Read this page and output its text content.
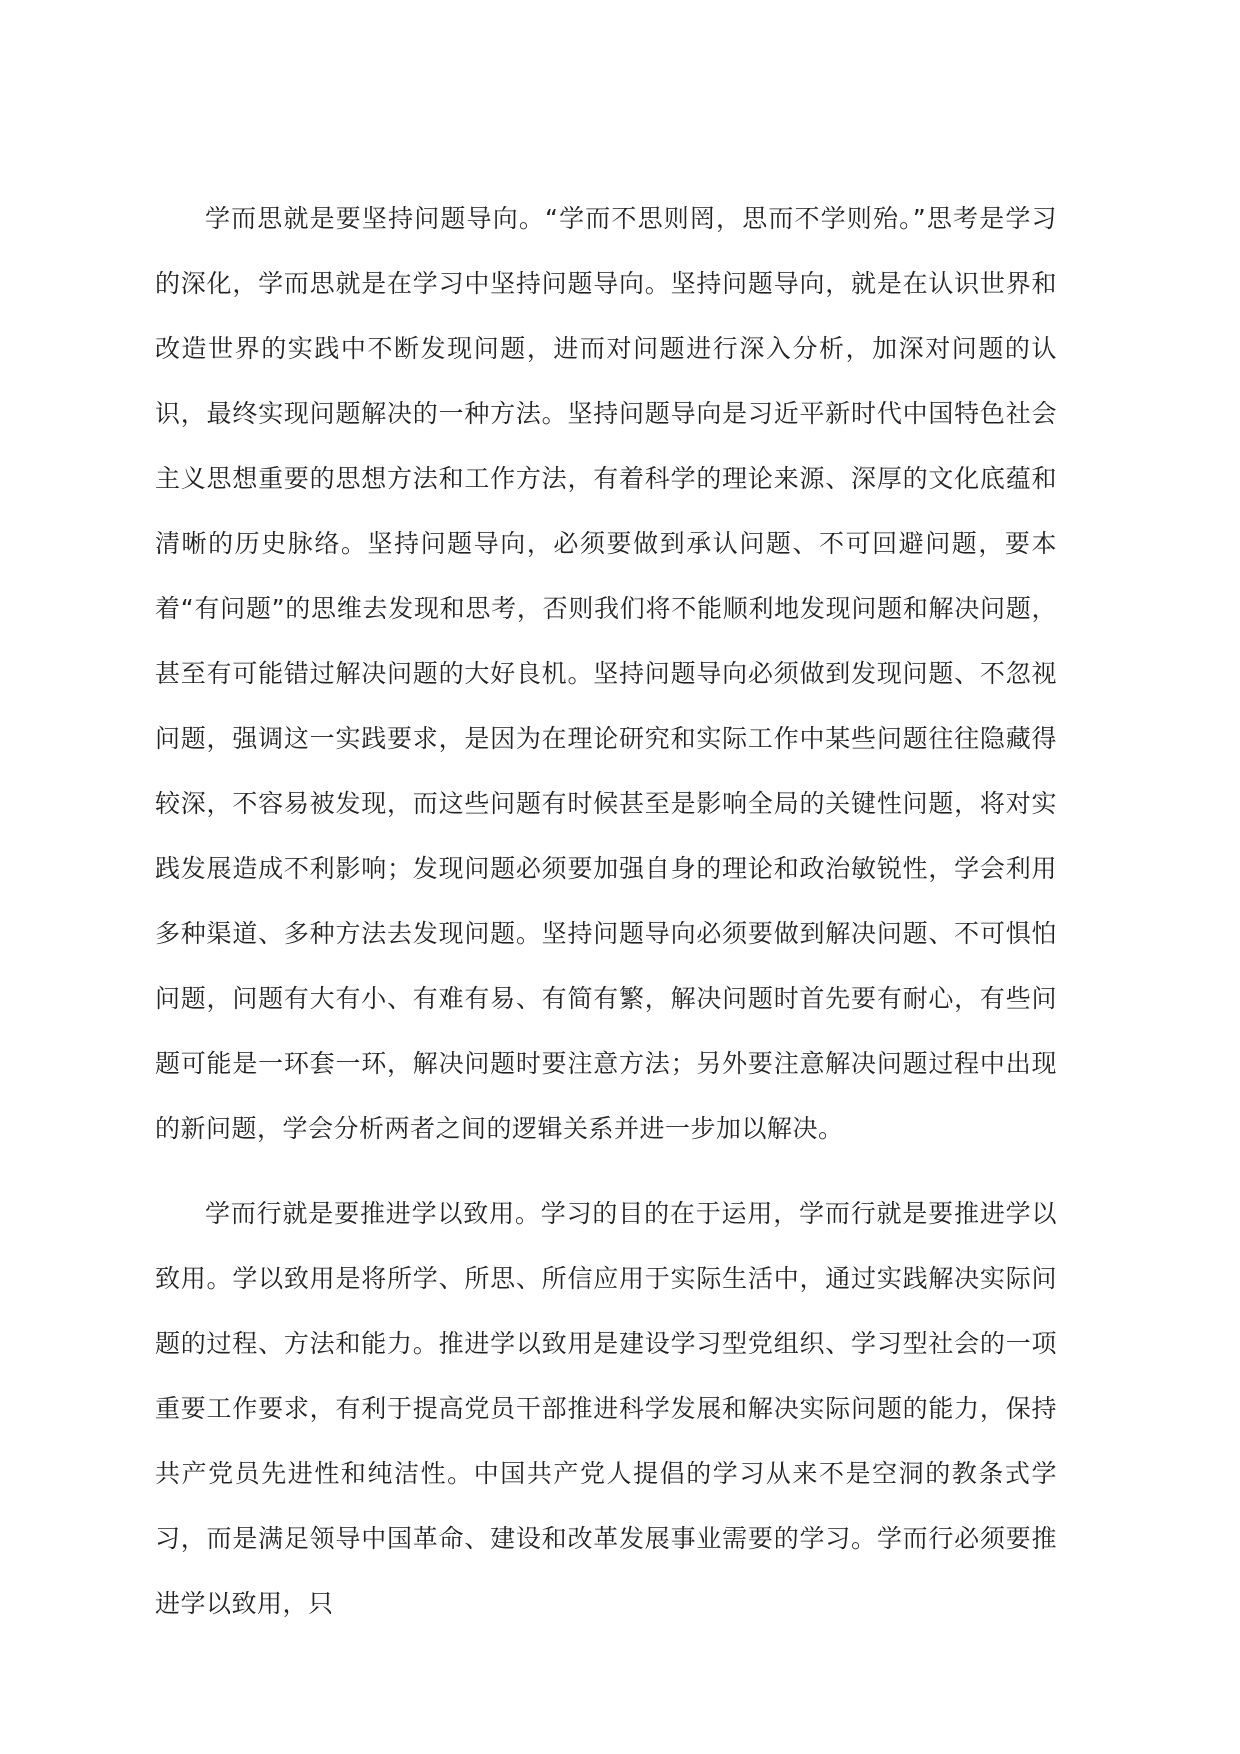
学而思就是要坚持问题导向。“学而不思则罔，思而不学则殆。”思考是学习的深化，学而思就是在学习中坚持问题导向。坚持问题导向，就是在认识世界和改造世界的实践中不断发现问题，进而对问题进行深入分析，加深对问题的认识，最终实现问题解决的一种方法。坚持问题导向是习近平新时代中国特色社会主义思想重要的思想方法和工作方法，有着科学的理论来源、深厚的文化底蕴和清晰的历史脉络。坚持问题导向，必须要做到承认问题、不可回避问题，要本着“有问题”的思维去发现和思考，否则我们将不能顺利地发现问题和解决问题，甚至有可能错过解决问题的大好良机。坚持问题导向必须做到发现问题、不忽视问题，强调这一实践要求，是因为在理论研究和实际工作中某些问题往往隐藏得较深，不容易被发现，而这些问题有时候甚至是影响全局的关键性问题，将对实践发展造成不利影响；发现问题必须要加强自身的理论和政治敏锐性，学会利用多种渠道、多种方法去发现问题。坚持问题导向必须要做到解决问题、不可惧怕问题，问题有大有小、有难有易、有简有繁，解决问题时首先要有耐心，有些问题可能是一环套一环，解决问题时要注意方法；另外要注意解决问题过程中出现的新问题，学会分析两者之间的逻辑关系并进一步加以解决。

学而行就是要推进学以致用。学习的目的在于运用，学而行就是要推进学以致用。学以致用是将所学、所思、所信应用于实际生活中，通过实践解决实际问题的过程、方法和能力。推进学以致用是建设学习型党组织、学习型社会的一项重要工作要求，有利于提高党员干部推进科学发展和解决实际问题的能力，保持共产党员先进性和纯洁性。中国共产党人提倡的学习从来不是空洞的教条式学习，而是满足领导中国革命、建设和改革发展事业需要的学习。学而行必须要推进学以致用，只
